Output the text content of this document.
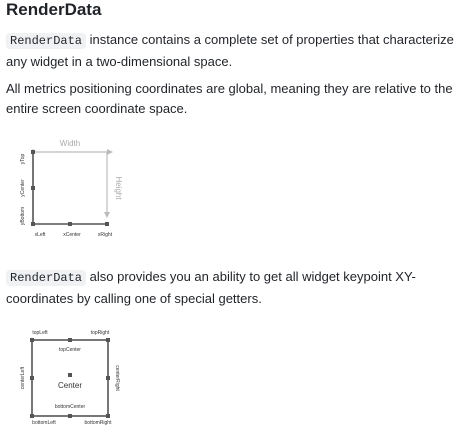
RenderData

RenderData instance contains a complete set of properties that characterize any widget in a two-dimensional space.

All metrics positioning coordinates are global, meaning they are relative to the entire screen coordinate space.

Width
Height
yTop
yCenter
yBottom
xLeft	xCenter	xRight

RenderData also provides you an ability to get all widget keypoint XY-coordinates by calling one of special getters.

topLeft	topRight
topCenter
Center
centerLeft	centerRight
bottomCenter
bottomLeft	bottomRight
